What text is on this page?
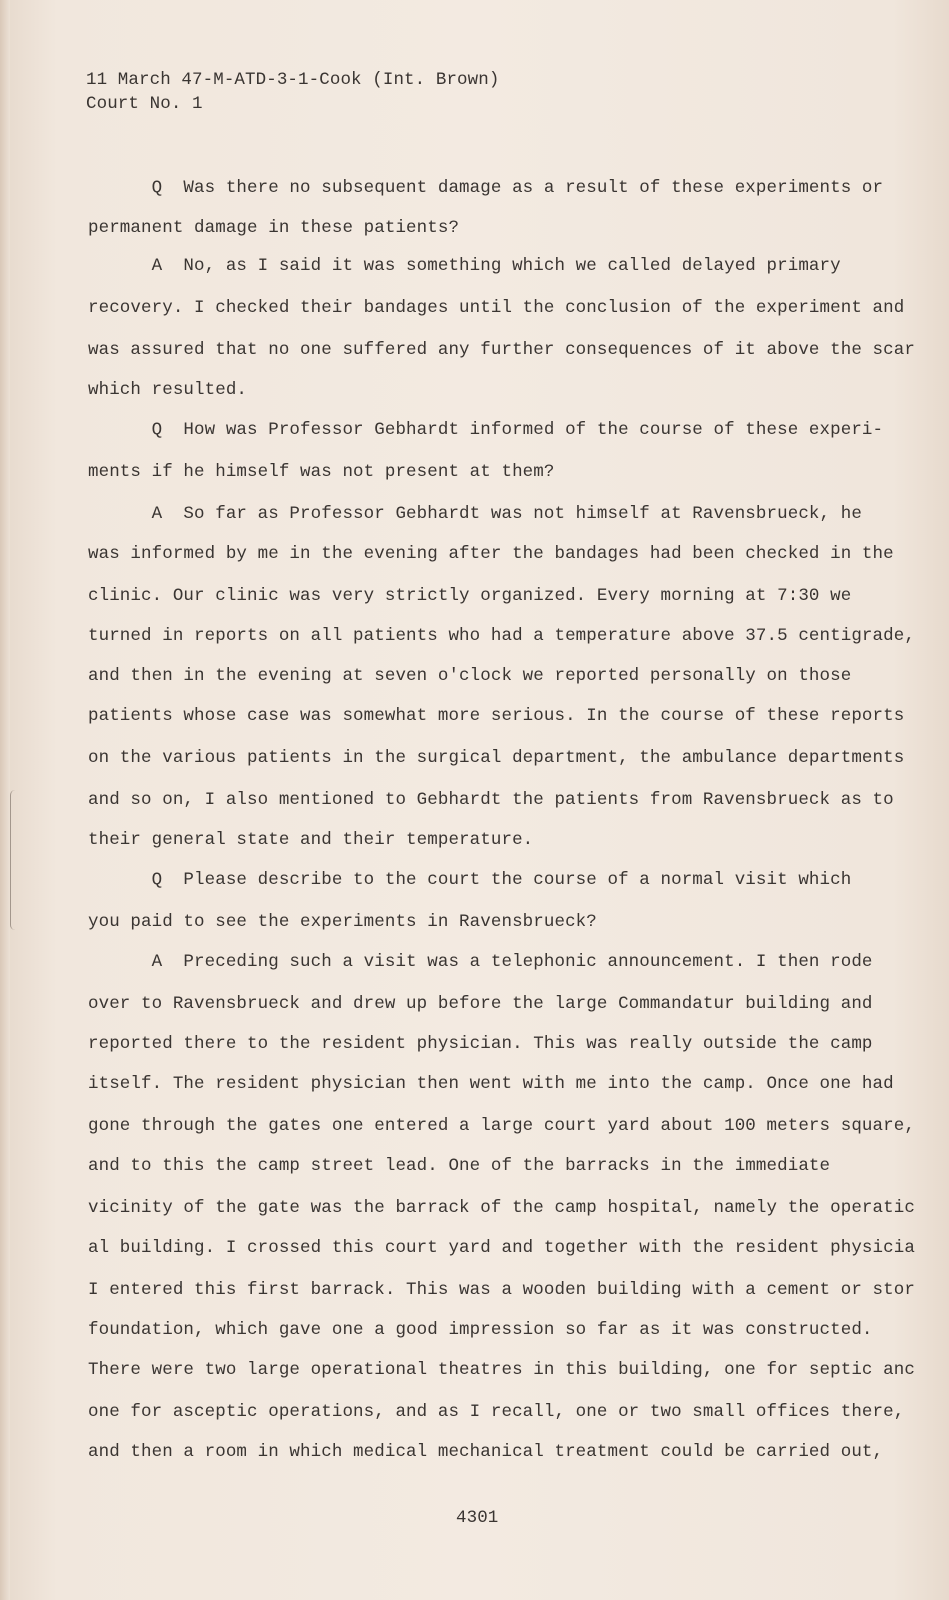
11 March 47-M-ATD-3-1-Cook (Int. Brown)
Court No. 1
Q  Was there no subsequent damage as a result of these experiments or
permanent damage in these patients?
A  No, as I said it was something which we called delayed primary
recovery. I checked their bandages until the conclusion of the experiment and
was assured that no one suffered any further consequences of it above the scar
which resulted.
Q  How was Professor Gebhardt informed of the course of these experi-
ments if he himself was not present at them?
A  So far as Professor Gebhardt was not himself at Ravensbrueck, he
was informed by me in the evening after the bandages had been checked in the
clinic. Our clinic was very strictly organized. Every morning at 7:30 we
turned in reports on all patients who had a temperature above 37.5 centigrade,
and then in the evening at seven o'clock we reported personally on those
patients whose case was somewhat more serious. In the course of these reports
on the various patients in the surgical department, the ambulance departments
and so on, I also mentioned to Gebhardt the patients from Ravensbrueck as to
their general state and their temperature.
Q  Please describe to the court the course of a normal visit which
you paid to see the experiments in Ravensbrueck?
A  Preceding such a visit was a telephonic announcement. I then rode
over to Ravensbrueck and drew up before the large Commandatur building and
reported there to the resident physician. This was really outside the camp
itself. The resident physician then went with me into the camp. Once one had
gone through the gates one entered a large court yard about 100 meters square,
and to this the camp street lead. One of the barracks in the immediate
vicinity of the gate was the barrack of the camp hospital, namely the operatic
al building. I crossed this court yard and together with the resident physicia
I entered this first barrack. This was a wooden building with a cement or stor
foundation, which gave one a good impression so far as it was constructed.
There were two large operational theatres in this building, one for septic anc
one for asceptic operations, and as I recall, one or two small offices there,
and then a room in which medical mechanical treatment could be carried out,
4301
